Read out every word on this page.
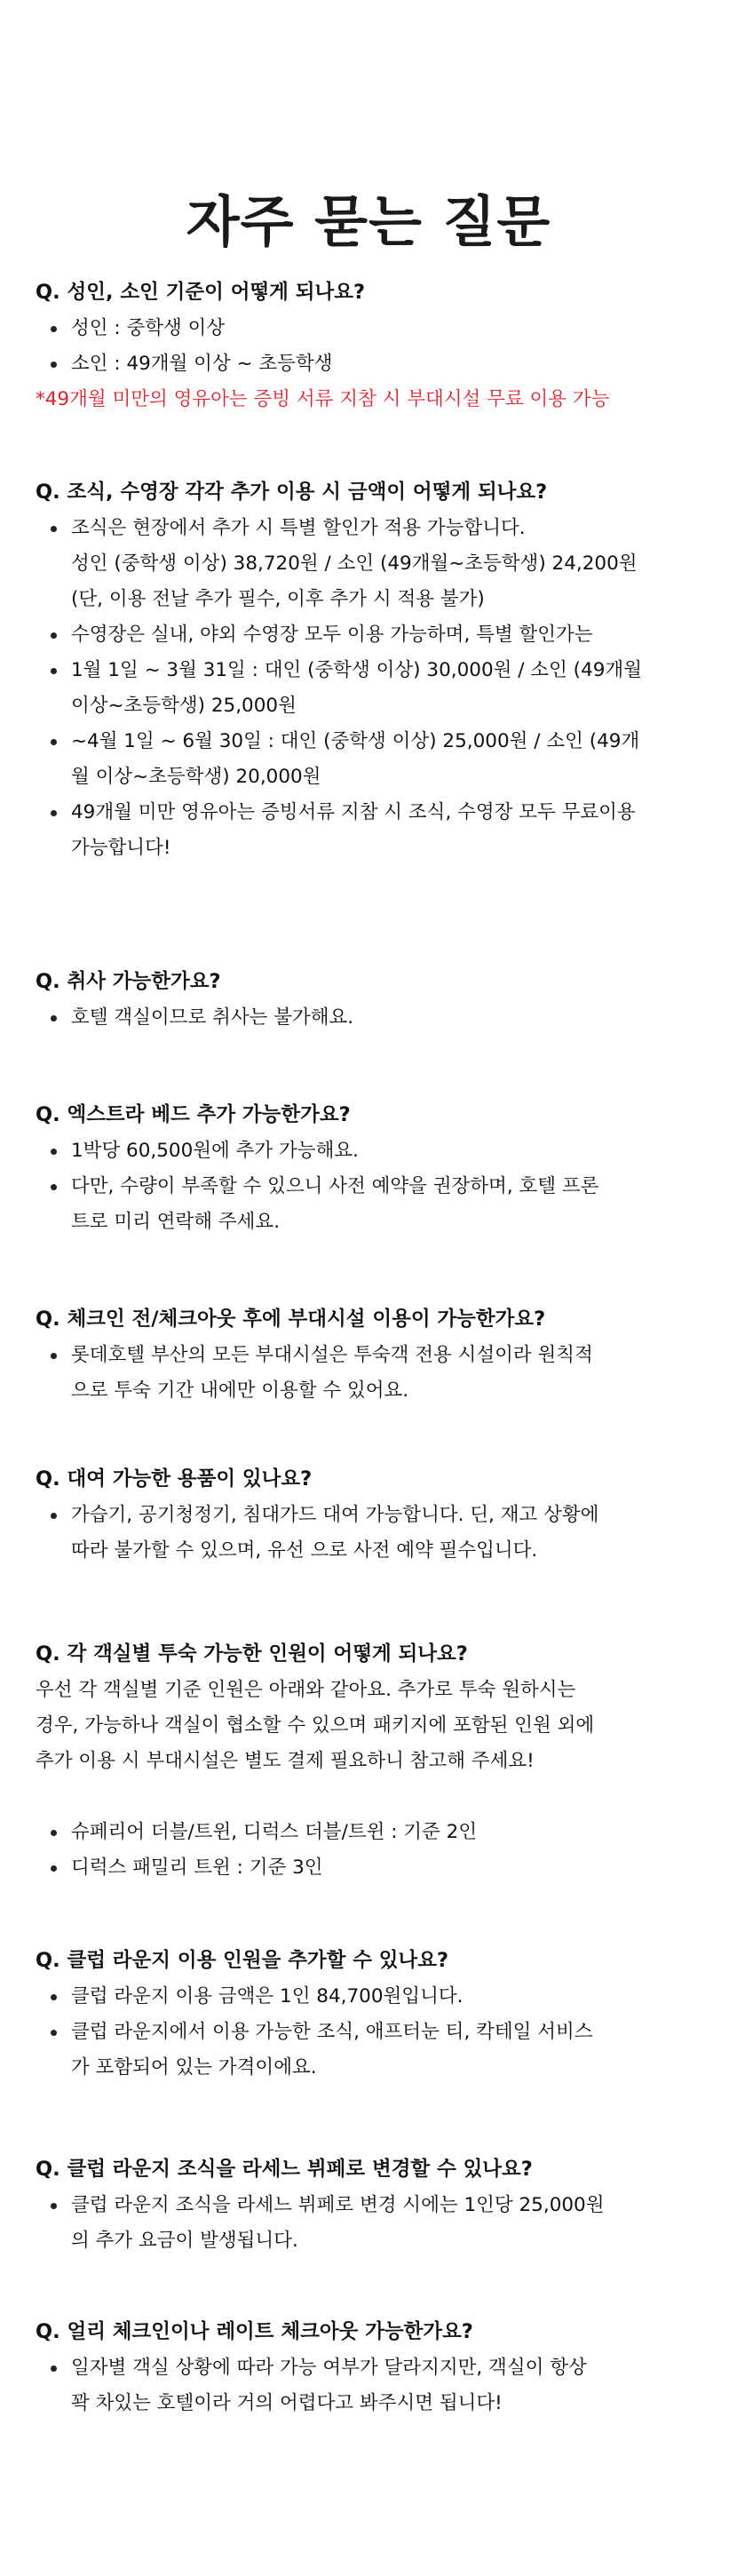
자주 묻는 질문
Q. 성인, 소인 기준이 어떻게 되나요?
성인 : 중학생 이상
소인 : 49개월 이상 ~ 초등학생
*49개월 미만의 영유아는 증빙 서류 지참 시 부대시설 무료 이용 가능
Q. 조식, 수영장 각각 추가 이용 시 금액이 어떻게 되나요?
조식은 현장에서 추가 시 특별 할인가 적용 가능합니다.
성인 (중학생 이상) 38,720원 / 소인 (49개월~초등학생) 24,200원
(단, 이용 전날 추가 필수, 이후 추가 시 적용 불가)
수영장은 실내, 야외 수영장 모두 이용 가능하며, 특별 할인가는
1월 1일 ~ 3월 31일 : 대인 (중학생 이상) 30,000원 / 소인 (49개월
이상~초등학생) 25,000원
~4월 1일 ~ 6월 30일 : 대인 (중학생 이상) 25,000원 / 소인 (49개
월 이상~초등학생) 20,000원
49개월 미만 영유아는 증빙서류 지참 시 조식, 수영장 모두 무료이용
가능합니다!
Q. 취사 가능한가요?
호텔 객실이므로 취사는 불가해요.
Q. 엑스트라 베드 추가 가능한가요?
1박당 60,500원에 추가 가능해요.
다만, 수량이 부족할 수 있으니 사전 예약을 권장하며, 호텔 프론
트로 미리 연락해 주세요.
Q. 체크인 전/체크아웃 후에 부대시설 이용이 가능한가요?
롯데호텔 부산의 모든 부대시설은 투숙객 전용 시설이라 원칙적
으로 투숙 기간 내에만 이용할 수 있어요.
Q. 대여 가능한 용품이 있나요?
가습기, 공기청정기, 침대가드 대여 가능합니다. 딘, 재고 상황에
따라 불가할 수 있으며, 유선 으로 사전 예약 필수입니다.
Q. 각 객실별 투숙 가능한 인원이 어떻게 되나요?
우선 각 객실별 기준 인원은 아래와 같아요. 추가로 투숙 원하시는
경우, 가능하나 객실이 협소할 수 있으며 패키지에 포함된 인원 외에
추가 이용 시 부대시설은 별도 결제 필요하니 참고해 주세요!
슈페리어 더블/트윈, 디럭스 더블/트윈 : 기준 2인
디럭스 패밀리 트윈 : 기준 3인
Q. 클럽 라운지 이용 인원을 추가할 수 있나요?
클럽 라운지 이용 금액은 1인 84,700원입니다.
클럽 라운지에서 이용 가능한 조식, 애프터눈 티, 칵테일 서비스
가 포함되어 있는 가격이에요.
Q. 클럽 라운지 조식을 라세느 뷔페로 변경할 수 있나요?
클럽 라운지 조식을 라세느 뷔페로 변경 시에는 1인당 25,000원
의 추가 요금이 발생됩니다.
Q. 얼리 체크인이나 레이트 체크아웃 가능한가요?
일자별 객실 상황에 따라 가능 여부가 달라지지만, 객실이 항상
꽉 차있는 호텔이라 거의 어렵다고 봐주시면 됩니다!
